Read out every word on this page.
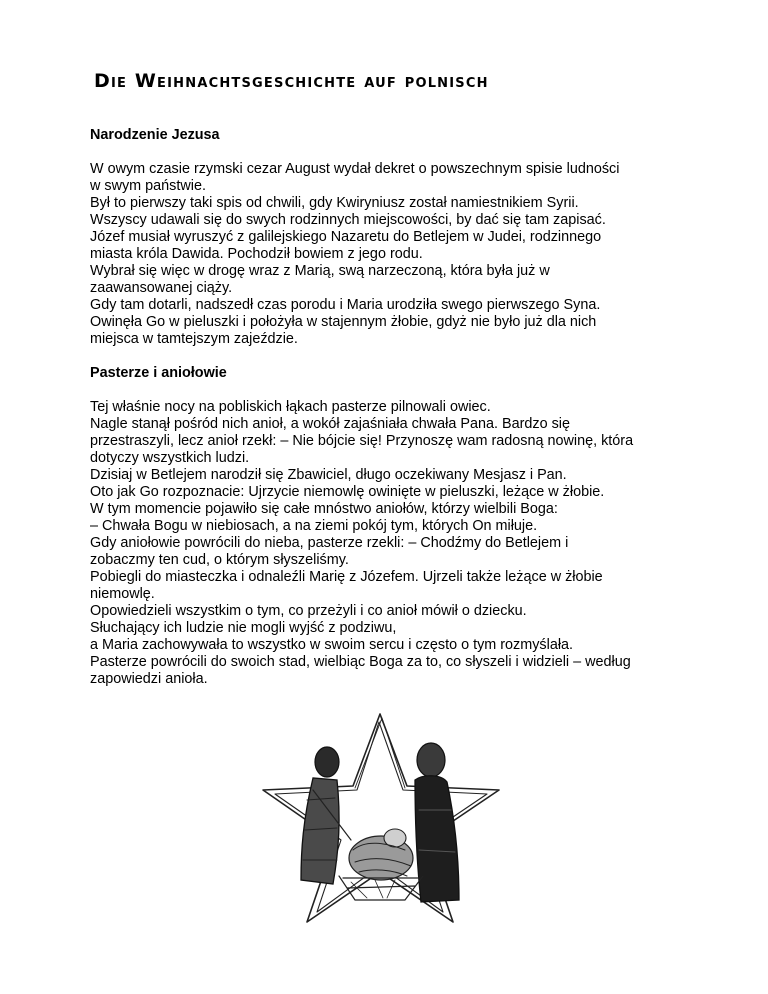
Die Weihnachtsgeschichte auf polnisch

Narodzenie Jezusa

W owym czasie rzymski cezar August wydał dekret o powszechnym spisie ludności

w swym państwie.

Był to pierwszy taki spis od chwili, gdy Kwiryniusz został namiestnikiem Syrii.

Wszyscy udawali się do swych rodzinnych miejscowości, by dać się tam zapisać.

Józef musiał wyruszyć z galilejskiego Nazaretu do Betlejem w Judei, rodzinnego

miasta króla Dawida. Pochodził bowiem z jego rodu.

Wybrał się więc w drogę wraz z Marią, swą narzeczoną, która była już w

zaawansowanej ciąży.

Gdy tam dotarli, nadszedł czas porodu i Maria urodziła swego pierwszego Syna.

Owinęła Go w pieluszki i położyła w stajennym żłobie, gdyż nie było już dla nich

miejsca w tamtejszym zajeździe.

Pasterze i aniołowie

Tej właśnie nocy na pobliskich łąkach pasterze pilnowali owiec.

Nagle stanął pośród nich anioł, a wokół zajaśniała chwała Pana. Bardzo się

przestraszyli, lecz anioł rzekł: – Nie bójcie się! Przynoszę wam radosną nowinę, która

dotyczy wszystkich ludzi.

Dzisiaj w Betlejem narodził się Zbawiciel, długo oczekiwany Mesjasz i Pan.

Oto jak Go rozpoznacie: Ujrzycie niemowlę owinięte w pieluszki, leżące w żłobie.

W tym momencie pojawiło się całe mnóstwo aniołów, którzy wielbili Boga:

– Chwała Bogu w niebiosach, a na ziemi pokój tym, których On miłuje.

Gdy aniołowie powrócili do nieba, pasterze rzekli: – Chodźmy do Betlejem i

zobaczmy ten cud, o którym słyszeliśmy.

Pobiegli do miasteczka i odnaleźli Marię z Józefem. Ujrzeli także leżące w żłobie

niemowlę.

Opowiedzieli wszystkim o tym, co przeżyli i co anioł mówił o dziecku.

Słuchający ich ludzie nie mogli wyjść z podziwu,

a Maria zachowywała to wszystko w swoim sercu i często o tym rozmyślała.

Pasterze powrócili do swoich stad, wielbiąc Boga za to, co słyszeli i widzieli – według

zapowiedzi anioła.
